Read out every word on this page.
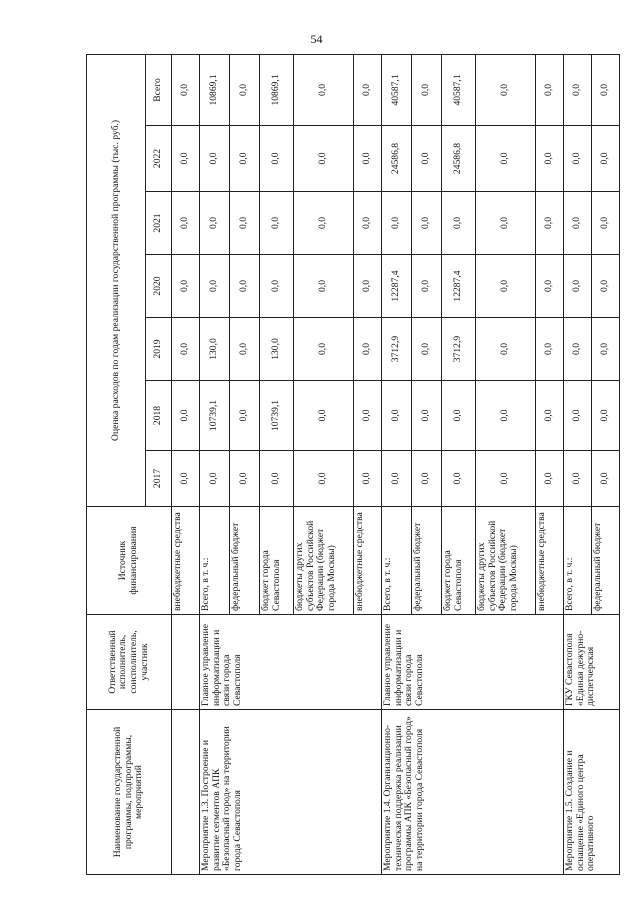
54
Наименование государственной программы, подпрограммы, мероприятий	Ответственный исполнитель, соисполнитель, участник	Источник финансирования	Оценка расходов по годам реализации государственной программы (тыс. руб.)						
			2017	2018	2019	2020	2021	2022	Всего
		внебюджетные средства	0,0	0,0	0,0	0,0	0,0	0,0	0,0
Мероприятие 1.3. Построение и развитие сегментов АПК «Безопасный город» на территории города Севастополя	Главное управление информатизации и связи города Севастополя	Всего, в т. ч.:	0,0	10739,1	130,0	0,0	0,0	0,0	10869,1
		федеральный бюджет	0,0	0,0	0,0	0,0	0,0	0,0	0,0
		бюджет города Севастополя	0,0	10739,1	130,0	0,0	0,0	0,0	10869,1
		бюджеты других субъектов Российской Федерации (бюджет города Москвы)	0,0	0,0	0,0	0,0	0,0	0,0	0,0
		внебюджетные средства	0,0	0,0	0,0	0,0	0,0	0,0	0,0
Мероприятие 1.4. Организационно-техническая поддержка реализации программы АПК «Безопасный город» на территории города Севастополя	Главное управление информатизации и связи города Севастополя	Всего, в т. ч.:	0,0	0,0	3712,9	12287,4	0,0	24586,8	40587,1
		федеральный бюджет	0,0	0,0	0,0	0,0	0,0	0,0	0,0
		бюджет города Севастополя	0,0	0,0	3712,9	12287,4	0,0	24586,8	40587,1
		бюджеты других субъектов Российской Федерации (бюджет города Москвы)	0,0	0,0	0,0	0,0	0,0	0,0	0,0
		внебюджетные средства	0,0	0,0	0,0	0,0	0,0	0,0	0,0
Мероприятие 1.5. Создание и оснащение «Единого центра оперативного	ГКУ Севастополя «Единая дежурно-диспетчерская	Всего, в т. ч.:	0,0	0,0	0,0	0,0	0,0	0,0	0,0
		федеральный бюджет	0,0	0,0	0,0	0,0	0,0	0,0	0,0
